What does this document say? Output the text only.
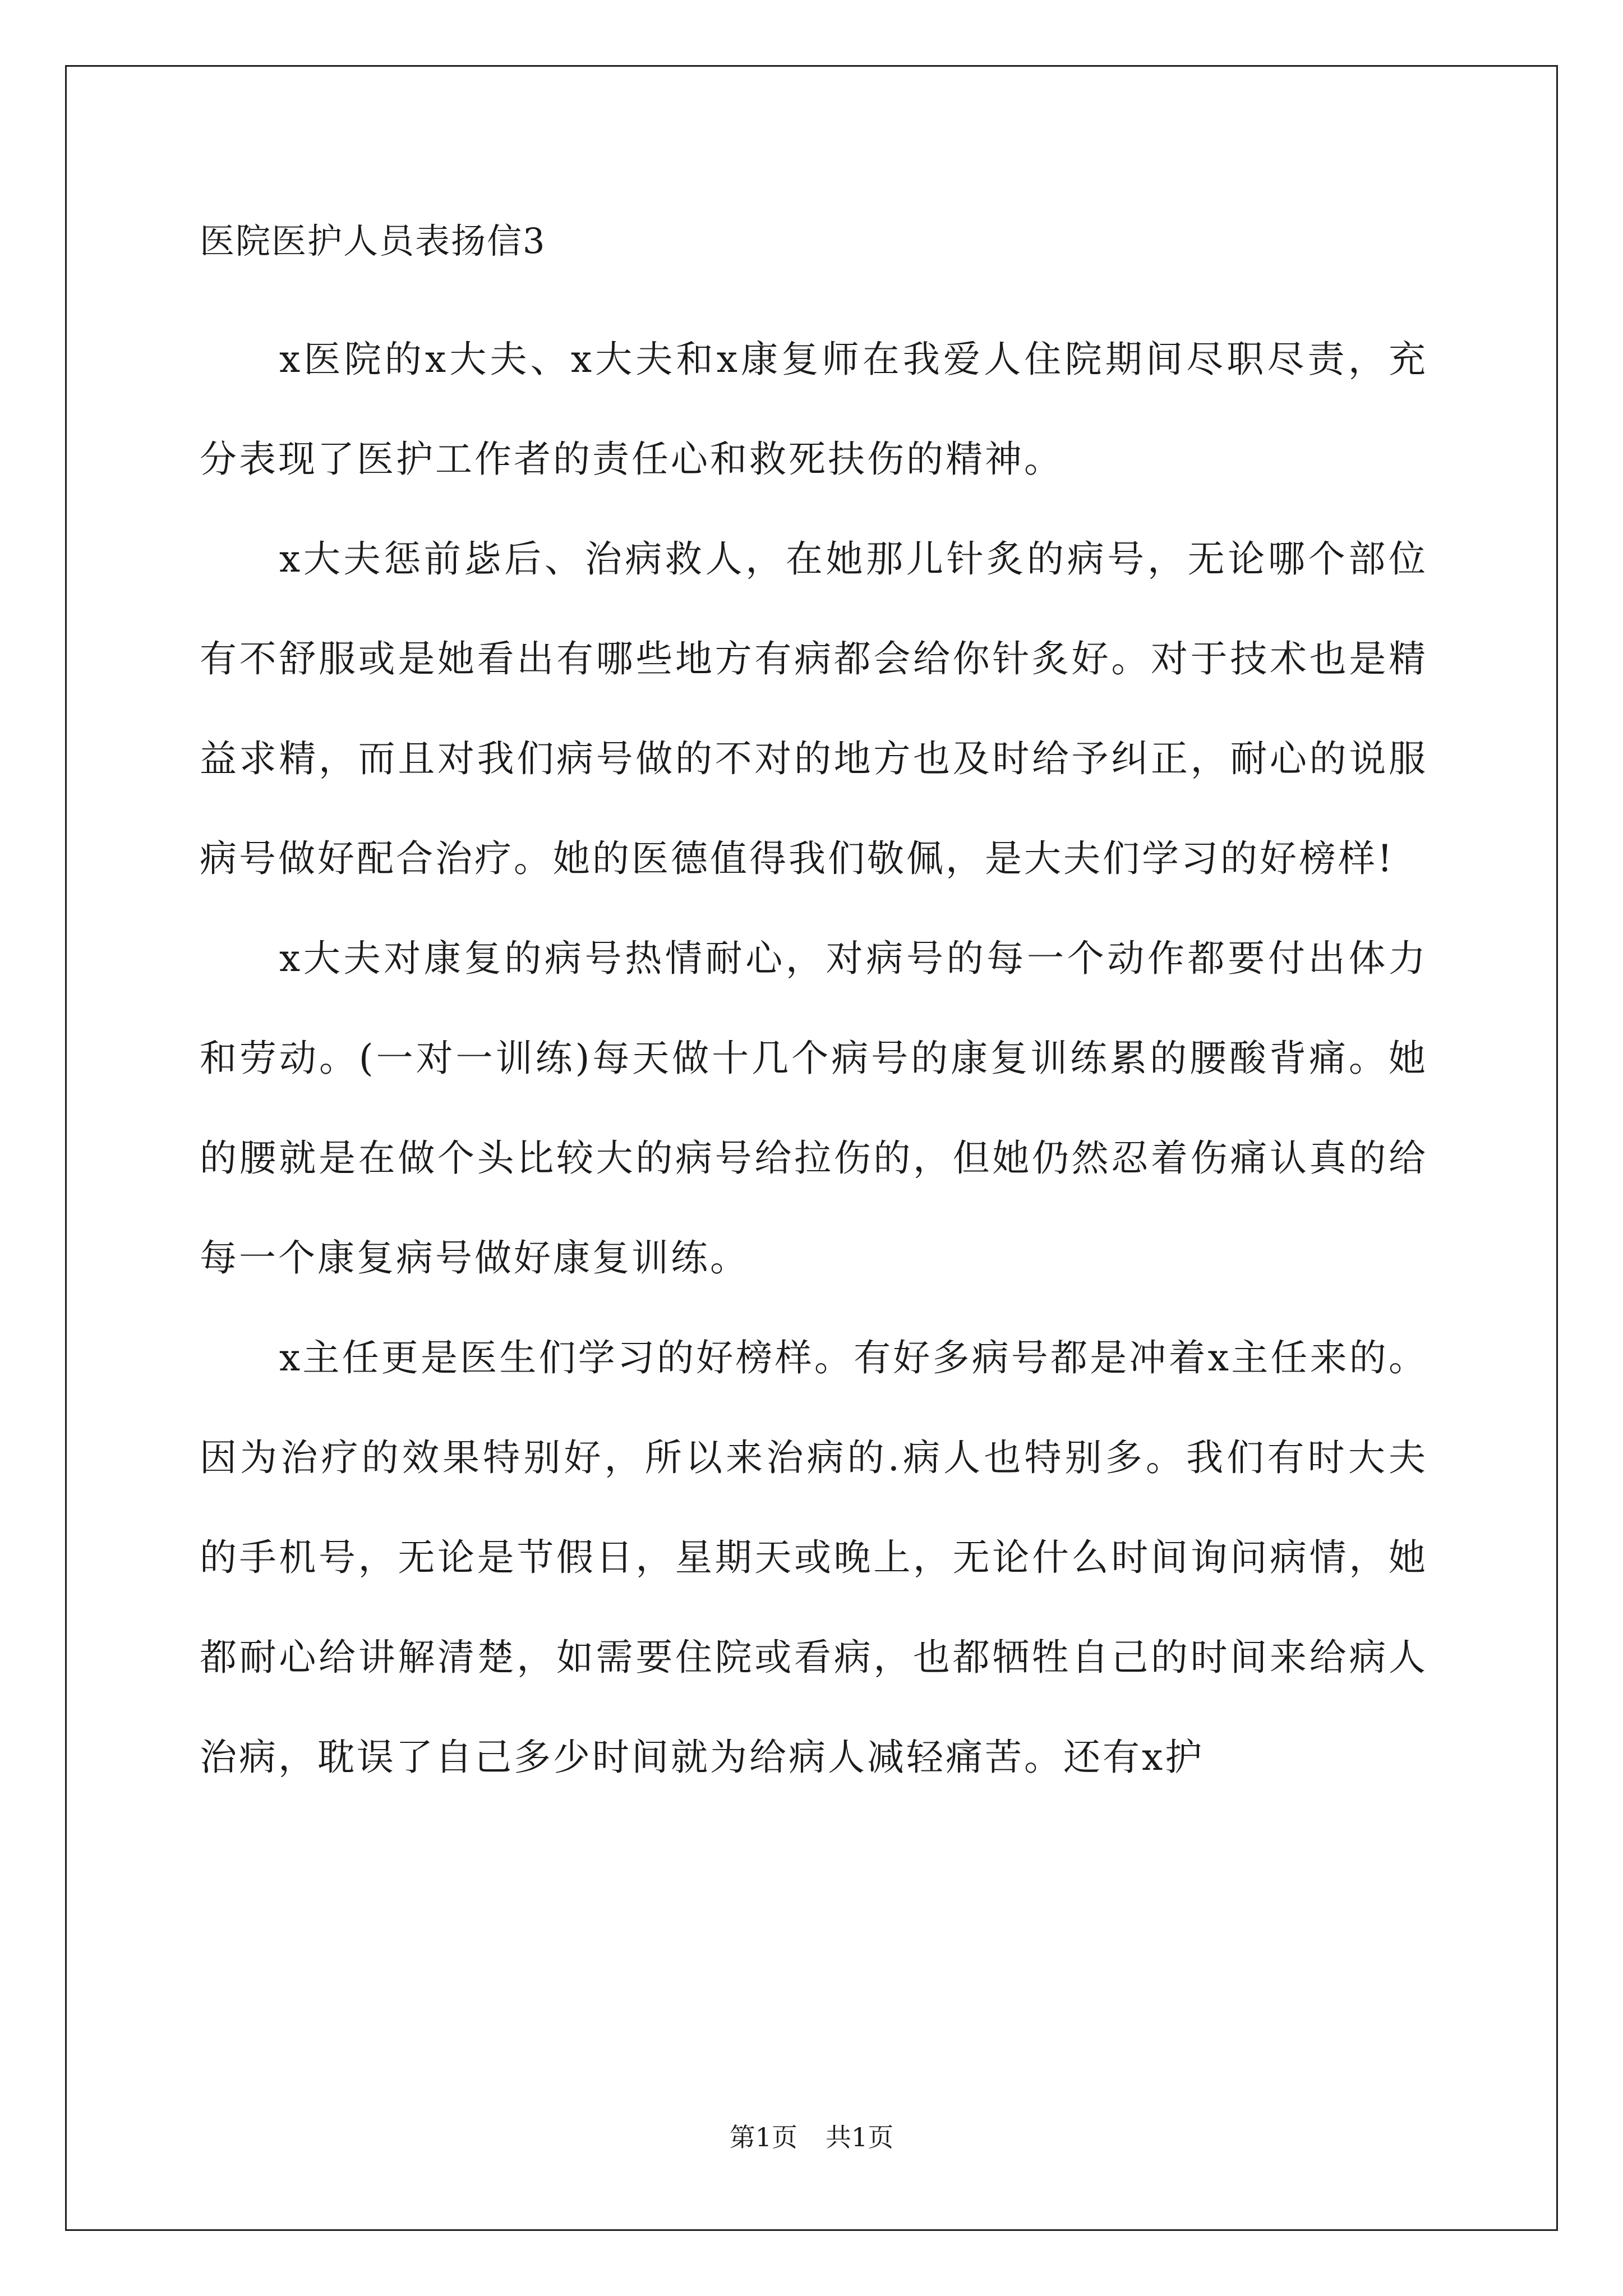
医院医护人员表扬信3

x医院的x大夫、x大夫和x康复师在我爱人住院期间尽职尽责，充分表现了医护工作者的责任心和救死扶伤的精神。

x大夫惩前毖后、治病救人，在她那儿针炙的病号，无论哪个部位有不舒服或是她看出有哪些地方有病都会给你针炙好。对于技术也是精益求精，而且对我们病号做的不对的地方也及时给予纠正，耐心的说服病号做好配合治疗。她的医德值得我们敬佩，是大夫们学习的好榜样!

x大夫对康复的病号热情耐心，对病号的每一个动作都要付出体力和劳动。(一对一训练)每天做十几个病号的康复训练累的腰酸背痛。她的腰就是在做个头比较大的病号给拉伤的，但她仍然忍着伤痛认真的给每一个康复病号做好康复训练。

x主任更是医生们学习的好榜样。有好多病号都是冲着x主任来的。因为治疗的效果特别好，所以来治病的.病人也特别多。我们有时大夫的手机号，无论是节假日，星期天或晚上，无论什么时间询问病情，她都耐心给讲解清楚，如需要住院或看病，也都牺牲自己的时间来给病人治病，耽误了自己多少时间就为给病人减轻痛苦。还有x护

第1页 共1页
